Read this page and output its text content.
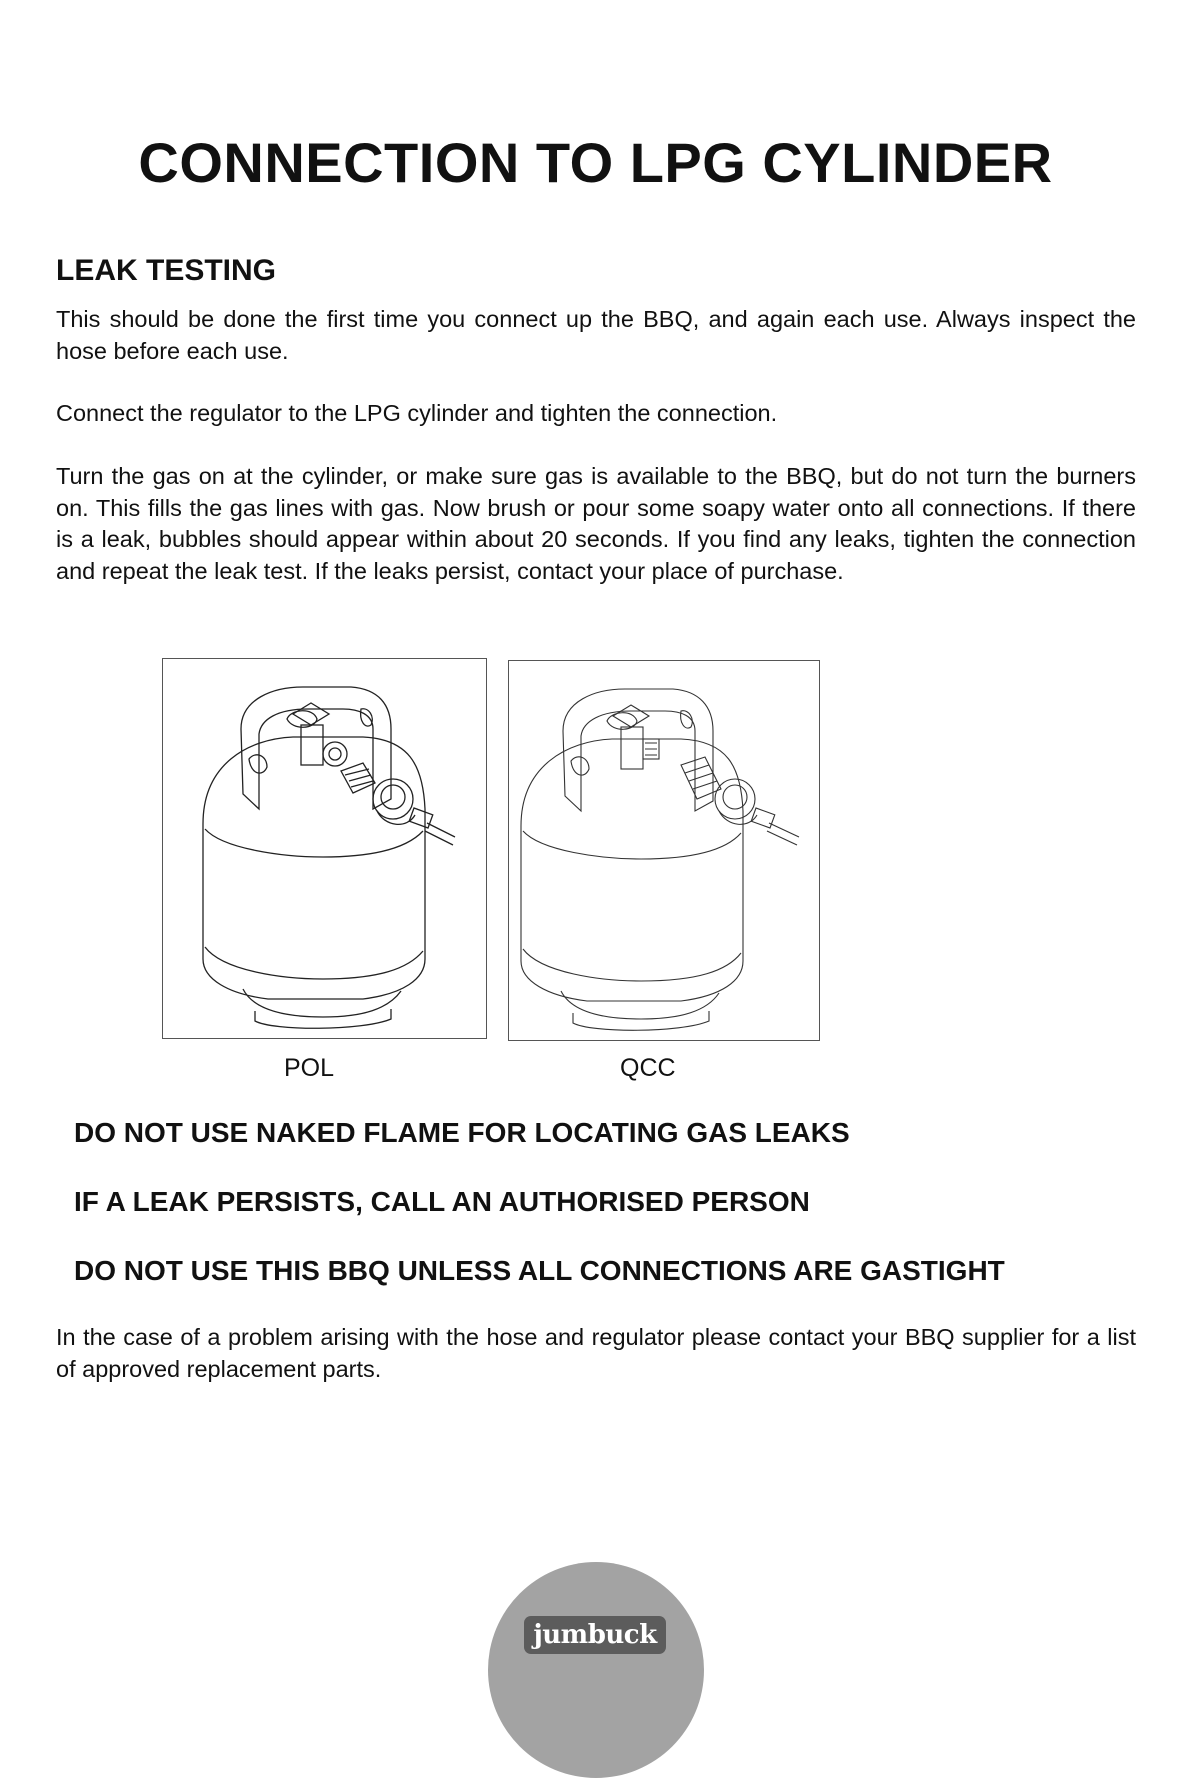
CONNECTION TO LPG CYLINDER
LEAK TESTING

This should be done the first time you connect up the BBQ, and again each use. Always inspect the hose before each use.

Connect the regulator to the LPG cylinder and tighten the connection.

Turn the gas on at the cylinder, or make sure gas is available to the BBQ, but do not turn the burners on. This fills the gas lines with gas. Now brush or pour some soapy water onto all connections. If there is a leak, bubbles should appear within about 20 seconds. If you find any leaks, tighten the connection and repeat the leak test. If the leaks persist, contact your place of purchase.

POL	QCC

DO NOT USE NAKED FLAME FOR LOCATING GAS LEAKS

IF A LEAK PERSISTS, CALL AN AUTHORISED PERSON

DO NOT USE THIS BBQ UNLESS ALL CONNECTIONS ARE GASTIGHT

In the case of a problem arising with the hose and regulator please contact your BBQ supplier for a list of approved replacement parts.

jumbuck
